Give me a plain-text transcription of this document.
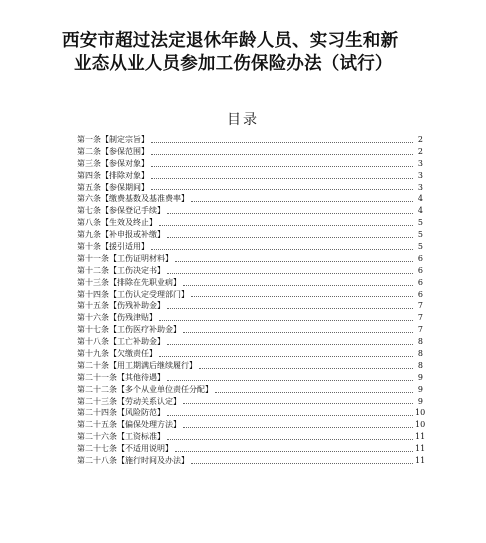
西安市超过法定退休年龄人员、实习生和新
业态从业人员参加工伤保险办法（试行）
目录
第一条【制定宗旨】	2
第二条【参保范围】	2
第三条【参保对象】	3
第四条【排除对象】	3
第五条【参保期间】	3
第六条【缴费基数及基准费率】	4
第七条【参保登记手续】	4
第八条【生效及终止】	5
第九条【补申报或补缴】	5
第十条【援引适用】	5
第十一条【工伤证明材料】	6
第十二条【工伤决定书】	6
第十三条【排除在先职业病】	6
第十四条【工伤认定受理部门】	6
第十五条【伤残补助金】	7
第十六条【伤残津贴】	7
第十七条【工伤医疗补助金】	7
第十八条【工亡补助金】	8
第十九条【欠缴责任】	8
第二十条【用工期满后继续履行】	8
第二十一条【其他待遇】	9
第二十二条【多个从业单位责任分配】	9
第二十三条【劳动关系认定】	9
第二十四条【风险防范】	10
第二十五条【偏保处理方法】	10
第二十六条【工资标准】	11
第二十七条【不适用说明】	11
第二十八条【施行时间及办法】	11
